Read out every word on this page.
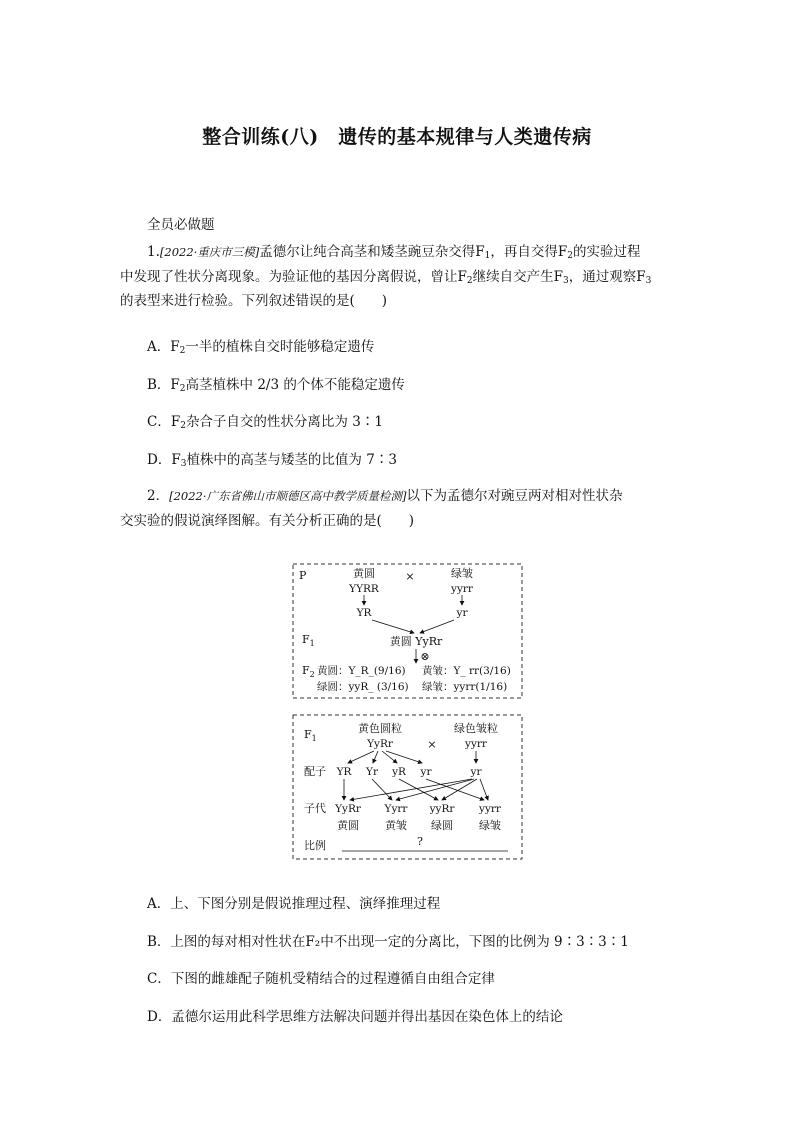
整合训练(八)　遗传的基本规律与人类遗传病
全员必做题
1.[2022·重庆市三模]孟德尔让纯合高茎和矮茎豌豆杂交得$F_1$，再自交得$F_2$的实验过程
中发现了性状分离现象。为验证他的基因分离假说，曾让$F_2$继续自交产生$F_3$，通过观察$F_3$
的表型来进行检验。下列叙述错误的是(　　)
A．$F_2$一半的植株自交时能够稳定遗传
B．$F_2$高茎植株中 2/3 的个体不能稳定遗传
C．$F_2$杂合子自交的性状分离比为 3∶1
D．$F_3$植株中的高茎与矮茎的比值为 7∶3
2．[2022·广东省佛山市顺德区高中教学质量检测]以下为孟德尔对豌豆两对相对性状杂
交实验的假说演绎图解。有关分析正确的是(　　)
P	黄圆
YYRR
×	绿皱
yyrr
YR	yr
$F_1$	黄圆 YyRr
⊗
$F_2$ 黄圆：Y_R_(9/16) 黄皱：Y_ rr(3/16)
绿圆：yyR_ (3/16) 绿皱：yyrr(1/16)
$F_1$
黄色圆粒
YyRr	×
绿色皱粒
yyrr
配子 YR Yr yR yr	yr
子代 YyRr Yyrr yyRr yyrr
黄圆 黄皱 绿圆 绿皱
比例	?
A．上、下图分别是假说推理过程、演绎推理过程
B．上图的每对相对性状在F₂中不出现一定的分离比，下图的比例为 9∶3∶3∶1
C．下图的雌雄配子随机受精结合的过程遵循自由组合定律
D．孟德尔运用此科学思维方法解决问题并得出基因在染色体上的结论
